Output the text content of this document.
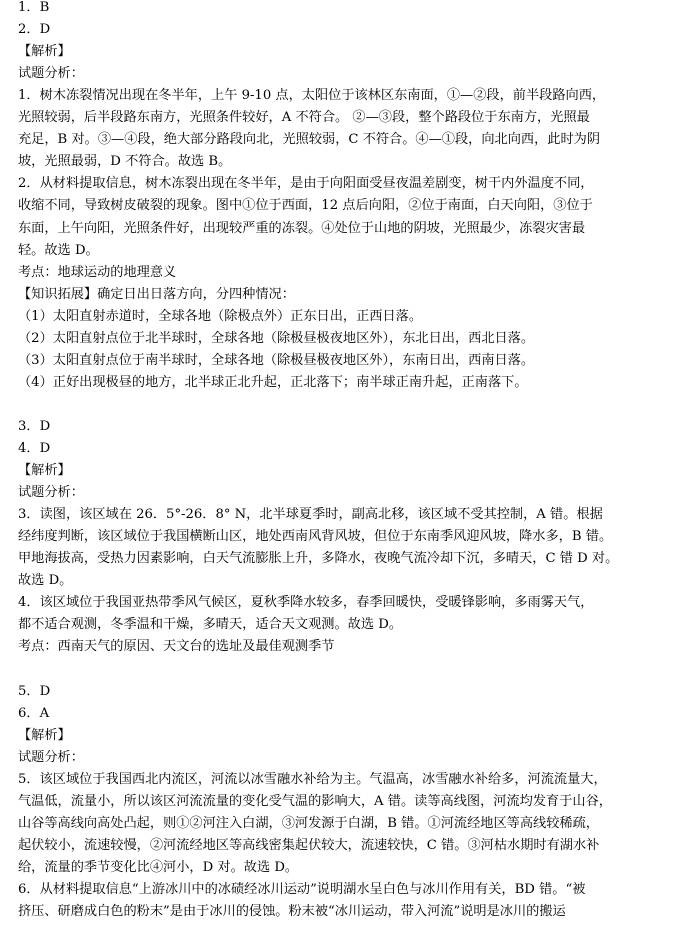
1．B
2．D
【解析】
试题分析：
1．树木冻裂情况出现在冬半年，上午 9-10 点，太阳位于该林区东南面，①—②段，前半段路向西，
光照较弱，后半段路东南方，光照条件较好，A 不符合。 ②—③段，整个路段位于东南方，光照最
充足，B 对。③—④段，绝大部分路段向北，光照较弱，C 不符合。④—①段，向北向西，此时为阴
坡，光照最弱，D 不符合。故选 B。
2．从材料提取信息，树木冻裂出现在冬半年，是由于向阳面受昼夜温差剧变，树干内外温度不同，
收缩不同，导致树皮破裂的现象。图中①位于西面，12 点后向阳，②位于南面，白天向阳，③位于
东面，上午向阳，光照条件好，出现较严重的冻裂。④处位于山地的阴坡，光照最少，冻裂灾害最
轻。故选 D。
考点：地球运动的地理意义
【知识拓展】确定日出日落方向，分四种情况：
（1）太阳直射赤道时，全球各地（除极点外）正东日出，正西日落。
（2）太阳直射点位于北半球时，全球各地（除极昼极夜地区外），东北日出，西北日落。
（3）太阳直射点位于南半球时，全球各地（除极昼极夜地区外），东南日出，西南日落。
（4）正好出现极昼的地方，北半球正北升起，正北落下；南半球正南升起，正南落下。
3．D
4．D
【解析】
试题分析：
3．读图，该区域在 26．5°-26．8° N，北半球夏季时，副高北移，该区域不受其控制，A 错。根据
经纬度判断，该区域位于我国横断山区，地处西南风背风坡，但位于东南季风迎风坡，降水多，B 错。
甲地海拔高，受热力因素影响，白天气流膨胀上升，多降水，夜晚气流冷却下沉，多晴天，C 错 D 对。
故选 D。
4．该区域位于我国亚热带季风气候区，夏秋季降水较多，春季回暖快，受暖锋影响，多雨雾天气，
都不适合观测，冬季温和干燥，多晴天，适合天文观测。故选 D。
考点：西南天气的原因、天文台的选址及最佳观测季节
5．D
6．A
【解析】
试题分析：
5．该区域位于我国西北内流区，河流以冰雪融水补给为主。气温高，冰雪融水补给多，河流流量大，
气温低，流量小，所以该区河流流量的变化受气温的影响大，A 错。读等高线图，河流均发育于山谷，
山谷等高线向高处凸起，则①②河注入白湖，③河发源于白湖，B 错。①河流经地区等高线较稀疏，
起伏较小，流速较慢，②河流经地区等高线密集起伏较大，流速较快，C 错。③河枯水期时有湖水补
给，流量的季节变化比④河小，D 对。故选 D。
6．从材料提取信息“上游冰川中的冰碛经冰川运动”说明湖水呈白色与冰川作用有关，BD 错。“被
挤压、研磨成白色的粉末”是由于冰川的侵蚀。粉末被“冰川运动，带入河流”说明是冰川的搬运
